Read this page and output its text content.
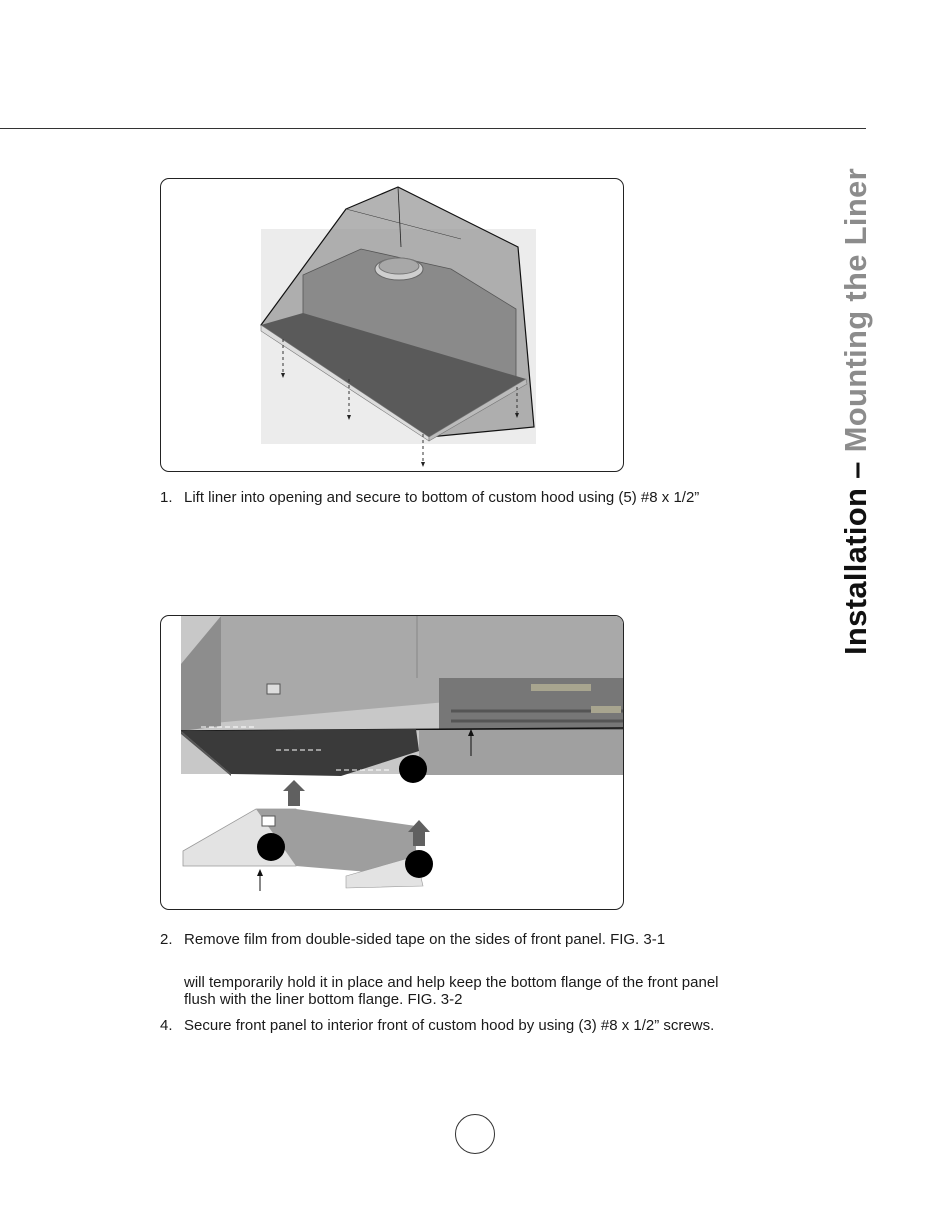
1. Lift liner into opening and secure to bottom of custom hood using (5) #8 x 1/2”

2. Remove film from double-sided tape on the sides of front panel. FIG. 3-1

will temporarily hold it in place and help keep the bottom flange of the front panel

flush with the liner bottom flange. FIG. 3-2

4. Secure front panel to interior front of custom hood by using (3) #8 x 1/2” screws.

Installation – Mounting the Liner
